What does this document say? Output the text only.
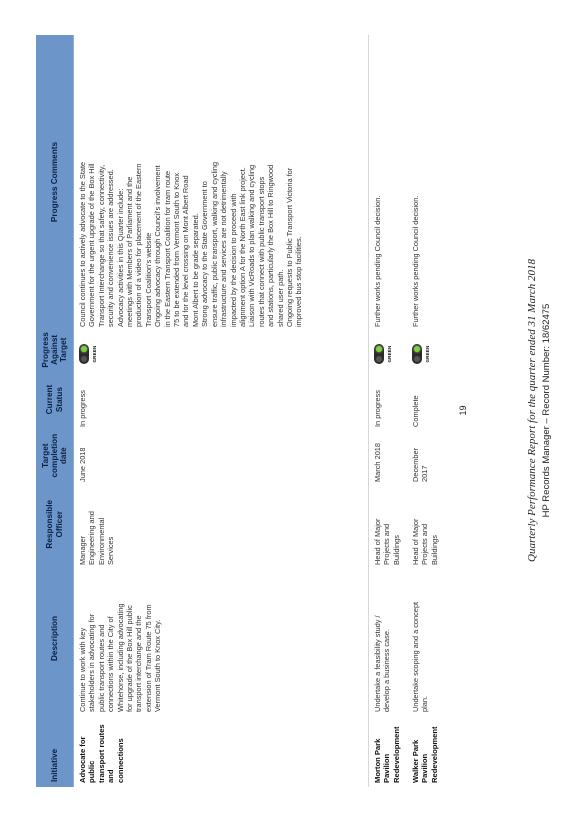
Initiative
Description
Responsible
Officer
Target
completion
date
Current
Status
Progress
Against
Target
Progress Comments
Advocate for public
transport routes and
connections
Continue to work with key
stakeholders in advocating for
public transport routes and
connections within the City of
Whitehorse, including advocating
for upgrade of the Box Hill public
transport interchange and the
extension of Tram Route 75 from
Vermont South to Knox City.
Manager
Engineering and
Environmental
Services
June 2018
In progress
GREEN
Council continues to actively advocate to the State
Government for the urgent upgrade of the Box Hill
Transport Interchange so that safety, connectivity,
security and convenience issues are addressed.
Advocacy activities in this Quarter include:
meetings with Members of Parliament and the
production of a video for placement of the Eastern
Transport Coalition's website
Ongoing advocacy through Council's involvement
in the Eastern Transport Coalition for tram route
75 to be extended from Vermont South to Knox
and for the level crossing on Mont Albert Road
Mont Albert to be grade separated.
Strong advocacy to the State Government to
ensure traffic, public transport, walking and cycling
infrastructure and services are not detrimentally
impacted by the decision to proceed with
alignment option A for the North East link project.
Liaison with VicRoads to plan walking and cycling
routes that connect with public transport stops
and stations, particularly the Box Hill to Ringwood
shared user path.
Ongoing requests to Public Transport Victoria for
improved bus stop facilities.
Morton Park Pavilion
Redevelopment
Undertake a feasibility study /
develop a business case.
Head of Major
Projects and
Buildings
March 2018
In progress
GREEN
Further works pending Council decision.
Walker Park Pavilion
Redevelopment
Undertake scoping and a concept
plan.
Head of Major
Projects and
Buildings
December
2017
Complete
GREEN
Further works pending Council decision.
19	Quarterly Performance Report for the quarter ended 31 March 2018 HP Records Manager – Record Number: 18/62475
